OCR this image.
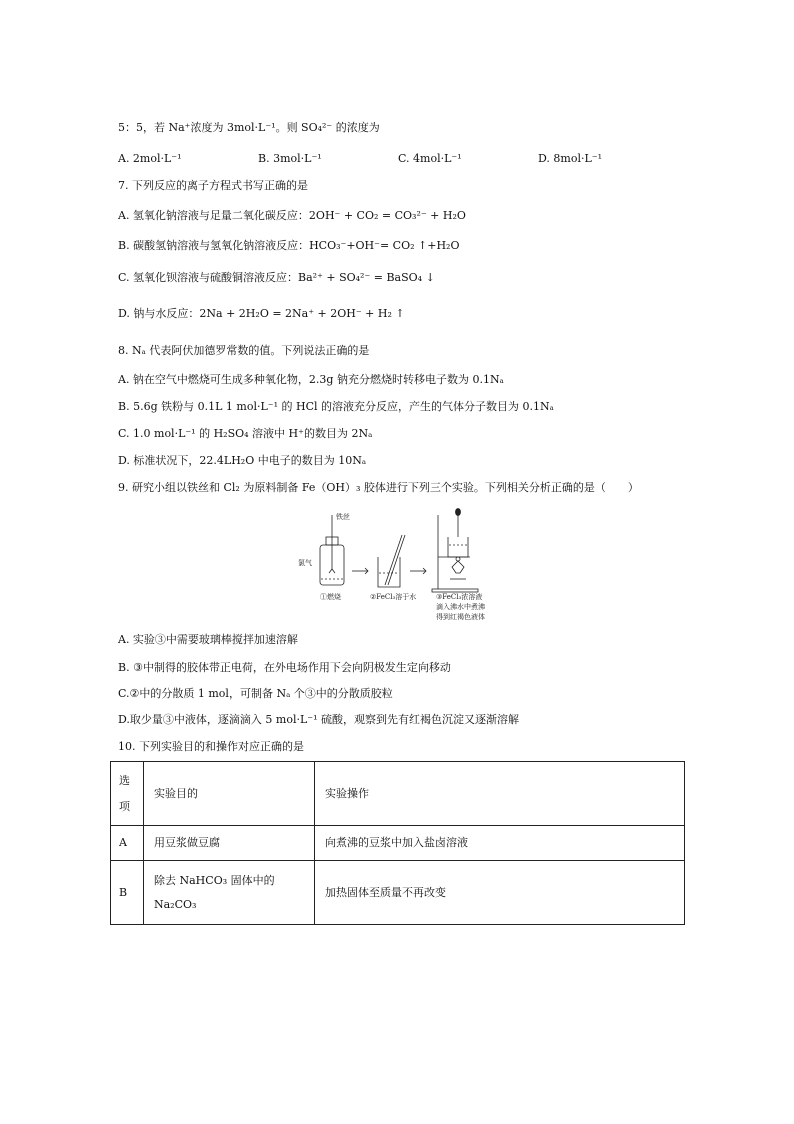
5：5，若 Na⁺浓度为 3mol·L⁻¹。则 SO₄²⁻ 的浓度为
A. 2mol·L⁻¹	B. 3mol·L⁻¹	C. 4mol·L⁻¹	D. 8mol·L⁻¹
7. 下列反应的离子方程式书写正确的是
A. 氢氧化钠溶液与足量二氧化碳反应：2OH⁻ + CO₂ = CO₃²⁻ + H₂O
B. 碳酸氢钠溶液与氢氧化钠溶液反应：HCO₃⁻+OH⁻= CO₂ ↑+H₂O
C. 氢氧化钡溶液与硫酸铜溶液反应：Ba²⁺ + SO₄²⁻ = BaSO₄ ↓
D. 钠与水反应：2Na + 2H₂O = 2Na⁺ + 2OH⁻ + H₂ ↑
8. Nₐ 代表阿伏加德罗常数的值。下列说法正确的是
A. 钠在空气中燃烧可生成多种氧化物，2.3g 钠充分燃烧时转移电子数为 0.1Nₐ
B. 5.6g 铁粉与 0.1L 1 mol·L⁻¹ 的 HCl 的溶液充分反应，产生的气体分子数目为 0.1Nₐ
C. 1.0 mol·L⁻¹ 的 H₂SO₄ 溶液中 H⁺的数目为 2Nₐ
D. 标准状况下，22.4LH₂O 中电子的数目为 10Nₐ
9. 研究小组以铁丝和 Cl₂ 为原料制备 Fe（OH）₃ 胶体进行下列三个实验。下列相关分析正确的是（　　）
铁丝
氯气
①燃烧	②FeCl₃溶于水	③FeCl₃浓溶液
滴入沸水中煮沸
得到红褐色液体
A. 实验③中需要玻璃棒搅拌加速溶解
B. ③中制得的胶体带正电荷，在外电场作用下会向阴极发生定向移动
C.②中的分散质 1 mol，可制备 Nₐ 个③中的分散质胶粒
D.取少量③中液体，逐滴滴入 5 mol·L⁻¹ 硫酸，观察到先有红褐色沉淀又逐渐溶解
10. 下列实验目的和操作对应正确的是
选项	实验目的	实验操作
A	用豆浆做豆腐	向煮沸的豆浆中加入盐卤溶液
B	除去 NaHCO₃ 固体中的 Na₂CO₃	加热固体至质量不再改变
